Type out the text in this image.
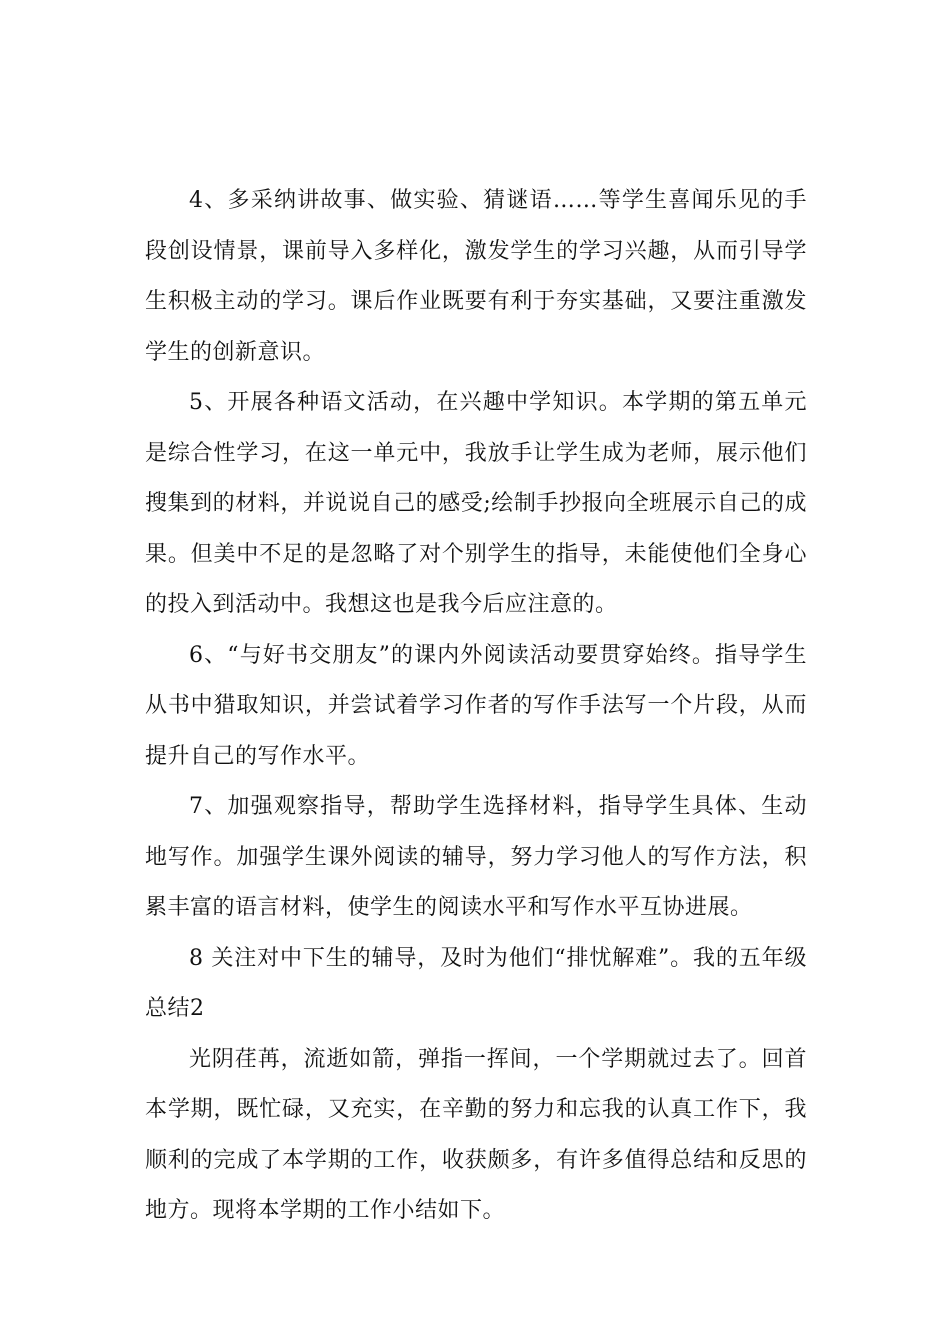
4、多采纳讲故事、做实验、猜谜语……等学生喜闻乐见的手段创设情景，课前导入多样化，激发学生的学习兴趣，从而引导学生积极主动的学习。课后作业既要有利于夯实基础，又要注重激发学生的创新意识。

5、开展各种语文活动，在兴趣中学知识。本学期的第五单元是综合性学习，在这一单元中，我放手让学生成为老师，展示他们搜集到的材料，并说说自己的感受;绘制手抄报向全班展示自己的成果。但美中不足的是忽略了对个别学生的指导，未能使他们全身心的投入到活动中。我想这也是我今后应注意的。

6、“与好书交朋友”的课内外阅读活动要贯穿始终。指导学生从书中猎取知识，并尝试着学习作者的写作手法写一个片段，从而提升自己的写作水平。

7、加强观察指导，帮助学生选择材料，指导学生具体、生动地写作。加强学生课外阅读的辅导，努力学习他人的写作方法，积累丰富的语言材料，使学生的阅读水平和写作水平互协进展。

8 关注对中下生的辅导，及时为他们“排忧解难”。我的五年级总结2

光阴荏苒，流逝如箭，弹指一挥间，一个学期就过去了。回首本学期，既忙碌，又充实，在辛勤的努力和忘我的认真工作下，我顺利的完成了本学期的工作，收获颇多，有许多值得总结和反思的地方。现将本学期的工作小结如下。
